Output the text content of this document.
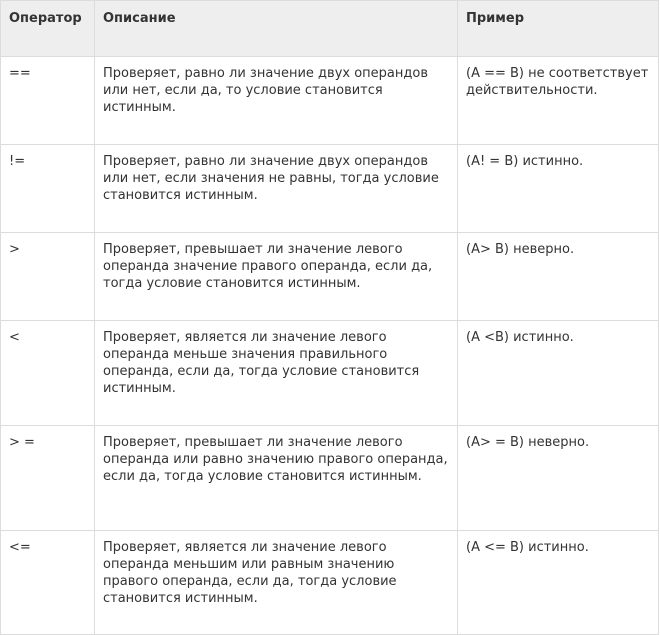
Оператор	Описание	Пример
==	Проверяет, равно ли значение двух операндов или нет, если да, то условие становится истинным.	(A == B) не соответствует действительности.
!=	Проверяет, равно ли значение двух операндов или нет, если значения не равны, тогда условие становится истинным.	(A! = B) истинно.
>	Проверяет, превышает ли значение левого операнда значение правого операнда, если да, тогда условие становится истинным.	(A> B) неверно.
<	Проверяет, является ли значение левого операнда меньше значения правильного операнда, если да, тогда условие становится истинным.	(A <B) истинно.
> =	Проверяет, превышает ли значение левого операнда или равно значению правого операнда, если да, тогда условие становится истинным.	(A> = B) неверно.
<=	Проверяет, является ли значение левого операнда меньшим или равным значению правого операнда, если да, тогда условие становится истинным.	(A <= B) истинно.
